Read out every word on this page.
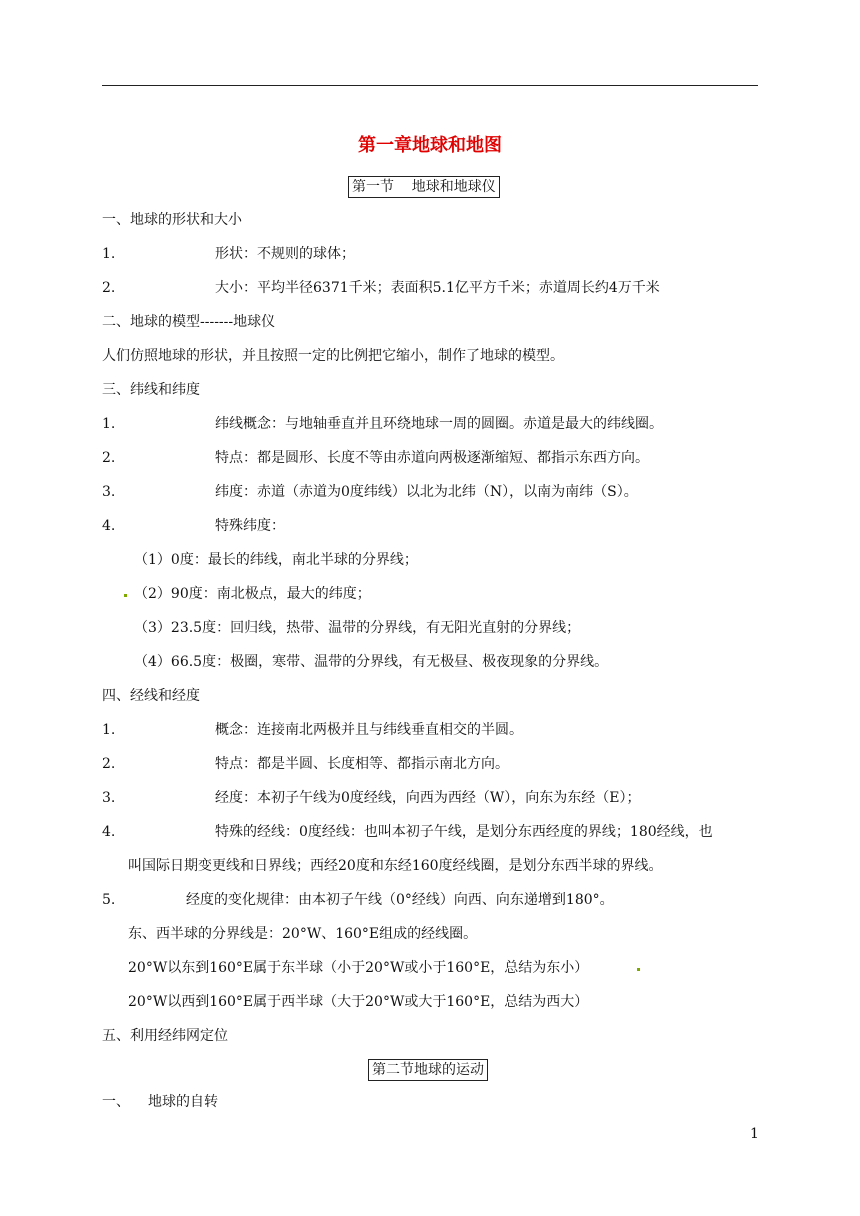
第一章地球和地图
第一节    地球和地球仪
一、地球的形状和大小
1.	形状：不规则的球体；
2.	大小：平均半径6371千米；表面积5.1亿平方千米；赤道周长约4万千米
二、地球的模型-------地球仪
人们仿照地球的形状，并且按照一定的比例把它缩小，制作了地球的模型。
三、纬线和纬度
1.	纬线概念：与地轴垂直并且环绕地球一周的圆圈。赤道是最大的纬线圈。
2.	特点：都是圆形、长度不等由赤道向两极逐渐缩短、都指示东西方向。
3.	纬度：赤道（赤道为0度纬线）以北为北纬（N），以南为南纬（S）。
4.	特殊纬度：
（1）0度：最长的纬线，南北半球的分界线；
（2）90度：南北极点，最大的纬度；
（3）23.5度：回归线，热带、温带的分界线，有无阳光直射的分界线；
（4）66.5度：极圈，寒带、温带的分界线，有无极昼、极夜现象的分界线。
四、经线和经度
1.	概念：连接南北两极并且与纬线垂直相交的半圆。
2.	特点：都是半圆、长度相等、都指示南北方向。
3.	经度：本初子午线为0度经线，向西为西经（W），向东为东经（E）；
4.	特殊的经线：0度经线：也叫本初子午线，是划分东西经度的界线；180经线，也
叫国际日期变更线和日界线；西经20度和东经160度经线圈，是划分东西半球的界线。
5.	经度的变化规律：由本初子午线（0°经线）向西、向东递增到180°。
东、西半球的分界线是：20°W、160°E组成的经线圈。
20°W以东到160°E属于东半球（小于20°W或小于160°E，总结为东小）
20°W以西到160°E属于西半球（大于20°W或大于160°E，总结为西大）
五、利用经纬网定位
第二节地球的运动
一、 地球的自转
1
